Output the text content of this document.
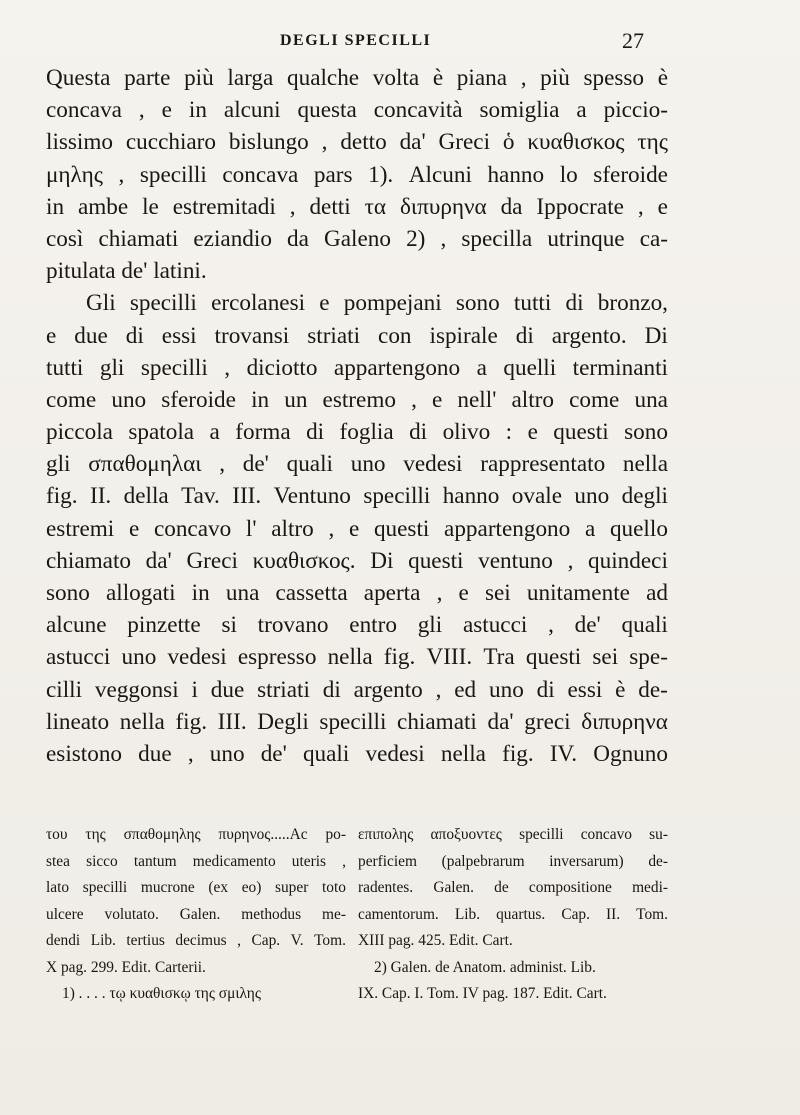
DEGLI SPECILLI	27
Questa parte più larga qualche volta è piana , più spesso è
concava , e in alcuni questa concavità somiglia a piccio-
lissimo cucchiaro bislungo , detto da' Greci ὁ κυαθισκος της
μηλης , specilli concava pars 1). Alcuni hanno lo sferoide
in ambe le estremitadi , detti τα διπυρηνα da Ippocrate , e
così chiamati eziandio da Galeno 2) , specilla utrinque ca-
pitulata de' latini.
Gli specilli ercolanesi e pompejani sono tutti di bronzo,
e due di essi trovansi striati con ispirale di argento. Di
tutti gli specilli , diciotto appartengono a quelli terminanti
come uno sferoide in un estremo , e nell' altro come una
piccola spatola a forma di foglia di olivo : e questi sono
gli σπαθομηλαι , de' quali uno vedesi rappresentato nella
fig. II. della Tav. III. Ventuno specilli hanno ovale uno degli
estremi e concavo l' altro , e questi appartengono a quello
chiamato da' Greci κυαθισκος. Di questi ventuno , quindeci
sono allogati in una cassetta aperta , e sei unitamente ad
alcune pinzette si trovano entro gli astucci , de' quali
astucci uno vedesi espresso nella fig. VIII. Tra questi sei spe-
cilli veggonsi i due striati di argento , ed uno di essi è de-
lineato nella fig. III. Degli specilli chiamati da' greci διπυρηνα
esistono due , uno de' quali vedesi nella fig. IV. Ognuno
του της σπαθομηλης πυρηνος.....Ac po-
stea sicco tantum medicamento uteris ,
lato specilli mucrone (ex eo) super toto
ulcere volutato. Galen. methodus me-
dendi Lib. tertius decimus , Cap. V. Tom.
X pag. 299. Edit. Carterii.
1) . . . . τῳ κυαθισκῳ της σμιλης
επιπολης αποξυοντες specilli concavo su-
perficiem (palpebrarum inversarum) de-
radentes. Galen. de compositione medi-
camentorum. Lib. quartus. Cap. II. Tom.
XIII pag. 425. Edit. Cart.
2) Galen. de Anatom. administ. Lib.
IX. Cap. I. Tom. IV pag. 187. Edit. Cart.
